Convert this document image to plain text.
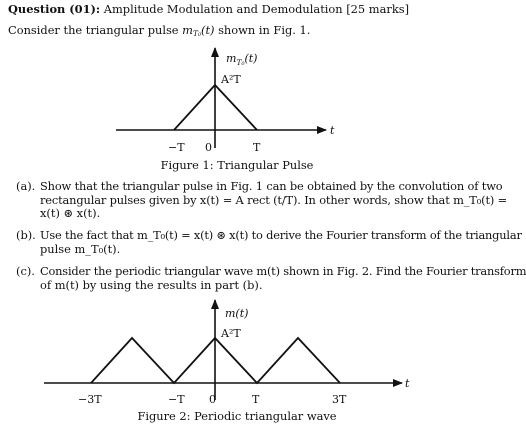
Question (01): Amplitude Modulation and Demodulation [25 marks]
Consider the triangular pulse $m_{T_0}(t)$ shown in Fig. 1.
$m_{T_0}(t)$
A²T
t
−T 0	T
m(t)
A²T
t
−3T	−T 0	T	3T
Figure 1: Triangular Pulse
(a). Show that the triangular pulse in Fig. 1 can be obtained by the convolution of two
rectangular pulses given by x(t) = A rect (t/T). In other words, show that m_T₀(t) =
x(t) ⊛ x(t).
(b). Use the fact that m_T₀(t) = x(t) ⊛ x(t) to derive the Fourier transform of the triangular
pulse m_T₀(t).
(c). Consider the periodic triangular wave m(t) shown in Fig. 2. Find the Fourier transform
of m(t) by using the results in part (b).
Figure 2: Periodic triangular wave
